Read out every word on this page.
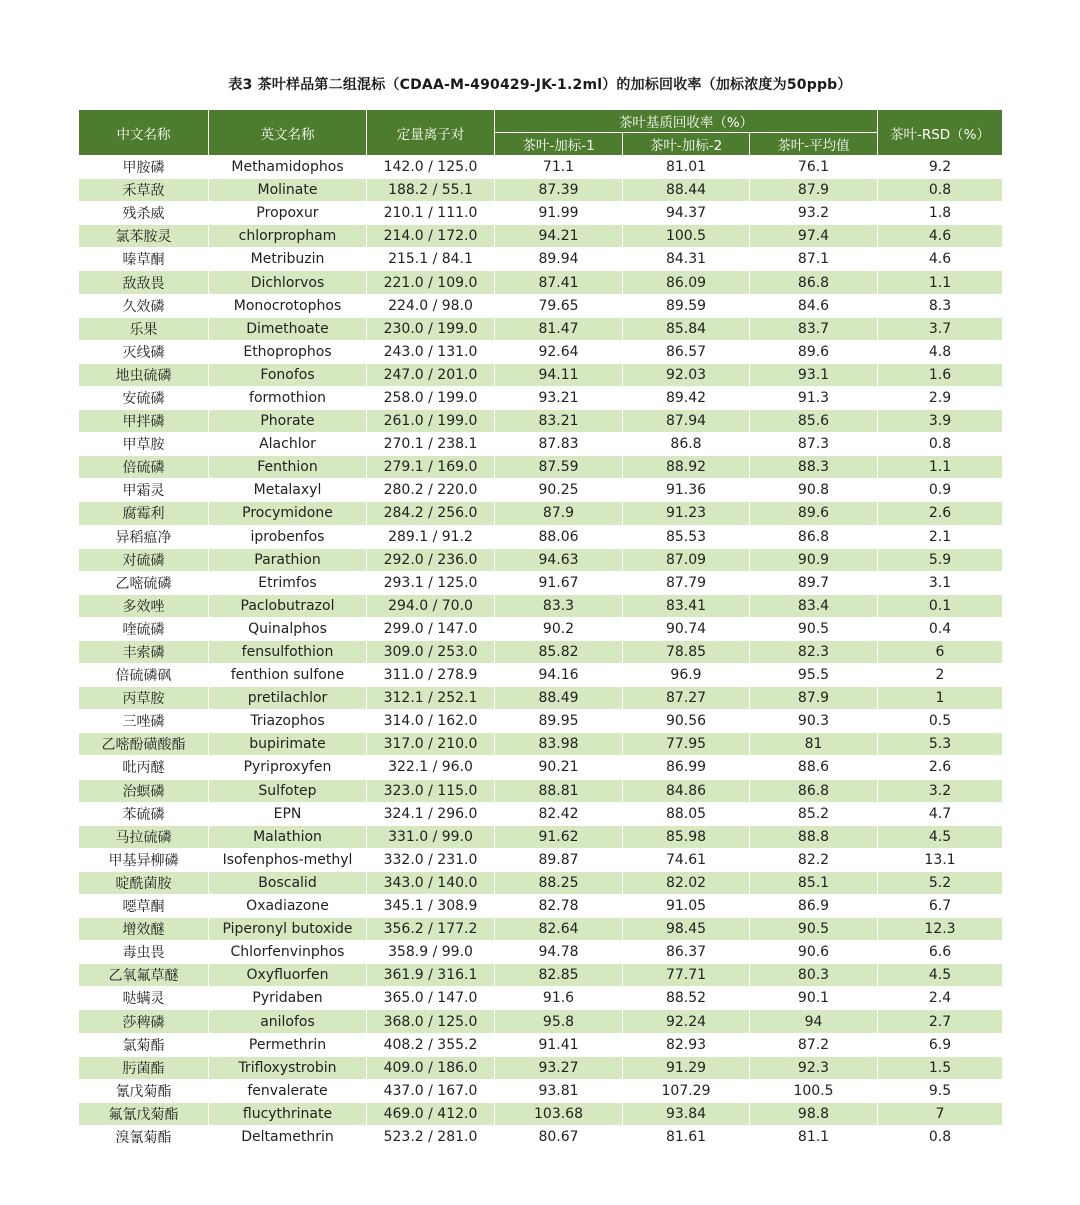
表3 茶叶样品第二组混标（CDAA-M-490429-JK-1.2ml）的加标回收率（加标浓度为50ppb）
中文名称	英文名称	定量离子对	茶叶基质回收率（%）			茶叶-RSD（%）
			茶叶-加标-1	茶叶-加标-2	茶叶-平均值	
甲胺磷	Methamidophos	142.0 / 125.0	71.1	81.01	76.1	9.2
禾草敌	Molinate	188.2 / 55.1	87.39	88.44	87.9	0.8
残杀威	Propoxur	210.1 / 111.0	91.99	94.37	93.2	1.8
氯苯胺灵	chlorpropham	214.0 / 172.0	94.21	100.5	97.4	4.6
嗪草酮	Metribuzin	215.1 / 84.1	89.94	84.31	87.1	4.6
敌敌畏	Dichlorvos	221.0 / 109.0	87.41	86.09	86.8	1.1
久效磷	Monocrotophos	224.0 / 98.0	79.65	89.59	84.6	8.3
乐果	Dimethoate	230.0 / 199.0	81.47	85.84	83.7	3.7
灭线磷	Ethoprophos	243.0 / 131.0	92.64	86.57	89.6	4.8
地虫硫磷	Fonofos	247.0 / 201.0	94.11	92.03	93.1	1.6
安硫磷	formothion	258.0 / 199.0	93.21	89.42	91.3	2.9
甲拌磷	Phorate	261.0 / 199.0	83.21	87.94	85.6	3.9
甲草胺	Alachlor	270.1 / 238.1	87.83	86.8	87.3	0.8
倍硫磷	Fenthion	279.1 / 169.0	87.59	88.92	88.3	1.1
甲霜灵	Metalaxyl	280.2 / 220.0	90.25	91.36	90.8	0.9
腐霉利	Procymidone	284.2 / 256.0	87.9	91.23	89.6	2.6
异稻瘟净	iprobenfos	289.1 / 91.2	88.06	85.53	86.8	2.1
对硫磷	Parathion	292.0 / 236.0	94.63	87.09	90.9	5.9
乙嘧硫磷	Etrimfos	293.1 / 125.0	91.67	87.79	89.7	3.1
多效唑	Paclobutrazol	294.0 / 70.0	83.3	83.41	83.4	0.1
喹硫磷	Quinalphos	299.0 / 147.0	90.2	90.74	90.5	0.4
丰索磷	fensulfothion	309.0 / 253.0	85.82	78.85	82.3	6
倍硫磷砜	fenthion sulfone	311.0 / 278.9	94.16	96.9	95.5	2
丙草胺	pretilachlor	312.1 / 252.1	88.49	87.27	87.9	1
三唑磷	Triazophos	314.0 / 162.0	89.95	90.56	90.3	0.5
乙嘧酚磺酸酯	bupirimate	317.0 / 210.0	83.98	77.95	81	5.3
吡丙醚	Pyriproxyfen	322.1 / 96.0	90.21	86.99	88.6	2.6
治螟磷	Sulfotep	323.0 / 115.0	88.81	84.86	86.8	3.2
苯硫磷	EPN	324.1 / 296.0	82.42	88.05	85.2	4.7
马拉硫磷	Malathion	331.0 / 99.0	91.62	85.98	88.8	4.5
甲基异柳磷	Isofenphos-methyl	332.0 / 231.0	89.87	74.61	82.2	13.1
啶酰菌胺	Boscalid	343.0 / 140.0	88.25	82.02	85.1	5.2
噁草酮	Oxadiazone	345.1 / 308.9	82.78	91.05	86.9	6.7
增效醚	Piperonyl butoxide	356.2 / 177.2	82.64	98.45	90.5	12.3
毒虫畏	Chlorfenvinphos	358.9 / 99.0	94.78	86.37	90.6	6.6
乙氧氟草醚	Oxyfluorfen	361.9 / 316.1	82.85	77.71	80.3	4.5
哒螨灵	Pyridaben	365.0 / 147.0	91.6	88.52	90.1	2.4
莎稗磷	anilofos	368.0 / 125.0	95.8	92.24	94	2.7
氯菊酯	Permethrin	408.2 / 355.2	91.41	82.93	87.2	6.9
肟菌酯	Trifloxystrobin	409.0 / 186.0	93.27	91.29	92.3	1.5
氰戊菊酯	fenvalerate	437.0 / 167.0	93.81	107.29	100.5	9.5
氟氰戊菊酯	flucythrinate	469.0 / 412.0	103.68	93.84	98.8	7
溴氰菊酯	Deltamethrin	523.2 / 281.0	80.67	81.61	81.1	0.8
